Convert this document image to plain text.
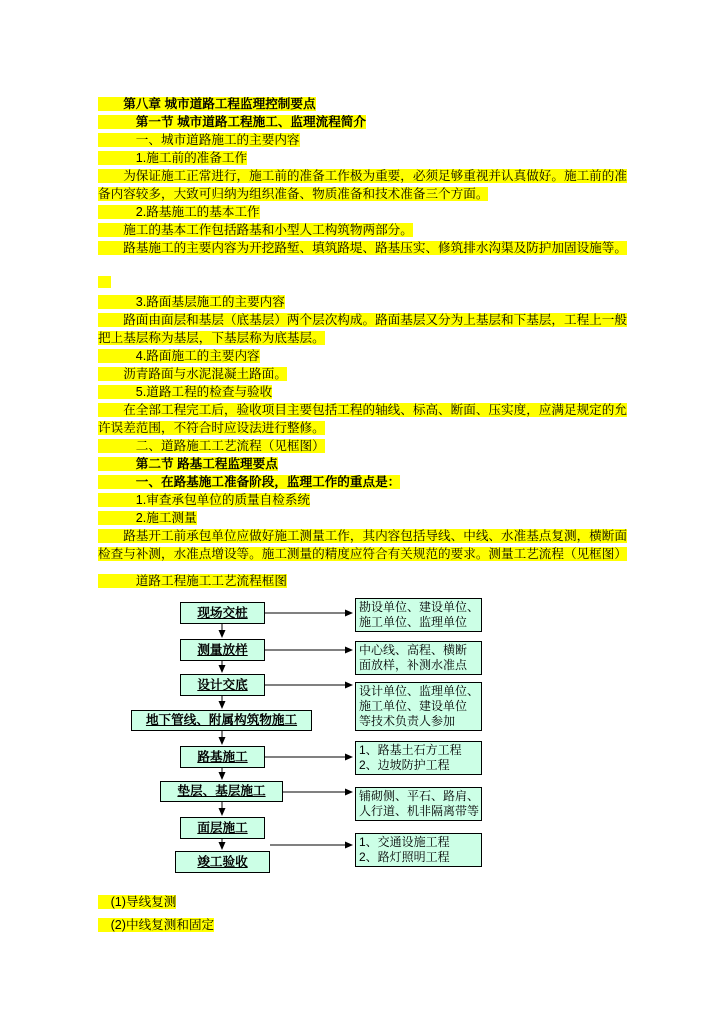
第八章 城市道路工程监理控制要点
第一节 城市道路工程施工、监理流程简介
一、城市道路施工的主要内容
1.施工前的准备工作
为保证施工正常进行，施工前的准备工作极为重要，必须足够重视并认真做好。施工前的准备内容较多，大致可归纳为组织准备、物质准备和技术准备三个方面。
2.路基施工的基本工作
施工的基本工作包括路基和小型人工构筑物两部分。
路基施工的主要内容为开挖路堑、填筑路堤、路基压实、修筑排水沟渠及防护加固设施等。
3.路面基层施工的主要内容
路面由面层和基层（底基层）两个层次构成。路面基层又分为上基层和下基层，工程上一般把上基层称为基层，下基层称为底基层。
4.路面施工的主要内容
沥青路面与水泥混凝土路面。
5.道路工程的检查与验收
在全部工程完工后，验收项目主要包括工程的轴线、标高、断面、压实度，应满足规定的允许误差范围，不符合时应设法进行整修。
二、道路施工工艺流程（见框图）
第二节 路基工程监理要点
一、在路基施工准备阶段，监理工作的重点是：
1.审查承包单位的质量自检系统
2.施工测量
路基开工前承包单位应做好施工测量工作，其内容包括导线、中线、水准基点复测，横断面检查与补测，水准点增设等。施工测量的精度应符合有关规范的要求。测量工艺流程（见框图）
道路工程施工工艺流程框图
现场交桩
测量放样
设计交底
地下管线、附属构筑物施工
路基施工
垫层、基层施工
面层施工
竣工验收
勘设单位、建设单位、
施工单位、监理单位
中心线、高程、横断
面放样，补测水准点
设计单位、监理单位、
施工单位、建设单位
等技术负责人参加
1、路基土石方工程
2、边坡防护工程
铺砌侧、平石、路肩、
人行道、机非隔离带等
1、交通设施工程
2、路灯照明工程
(1)导线复测
(2)中线复测和固定
